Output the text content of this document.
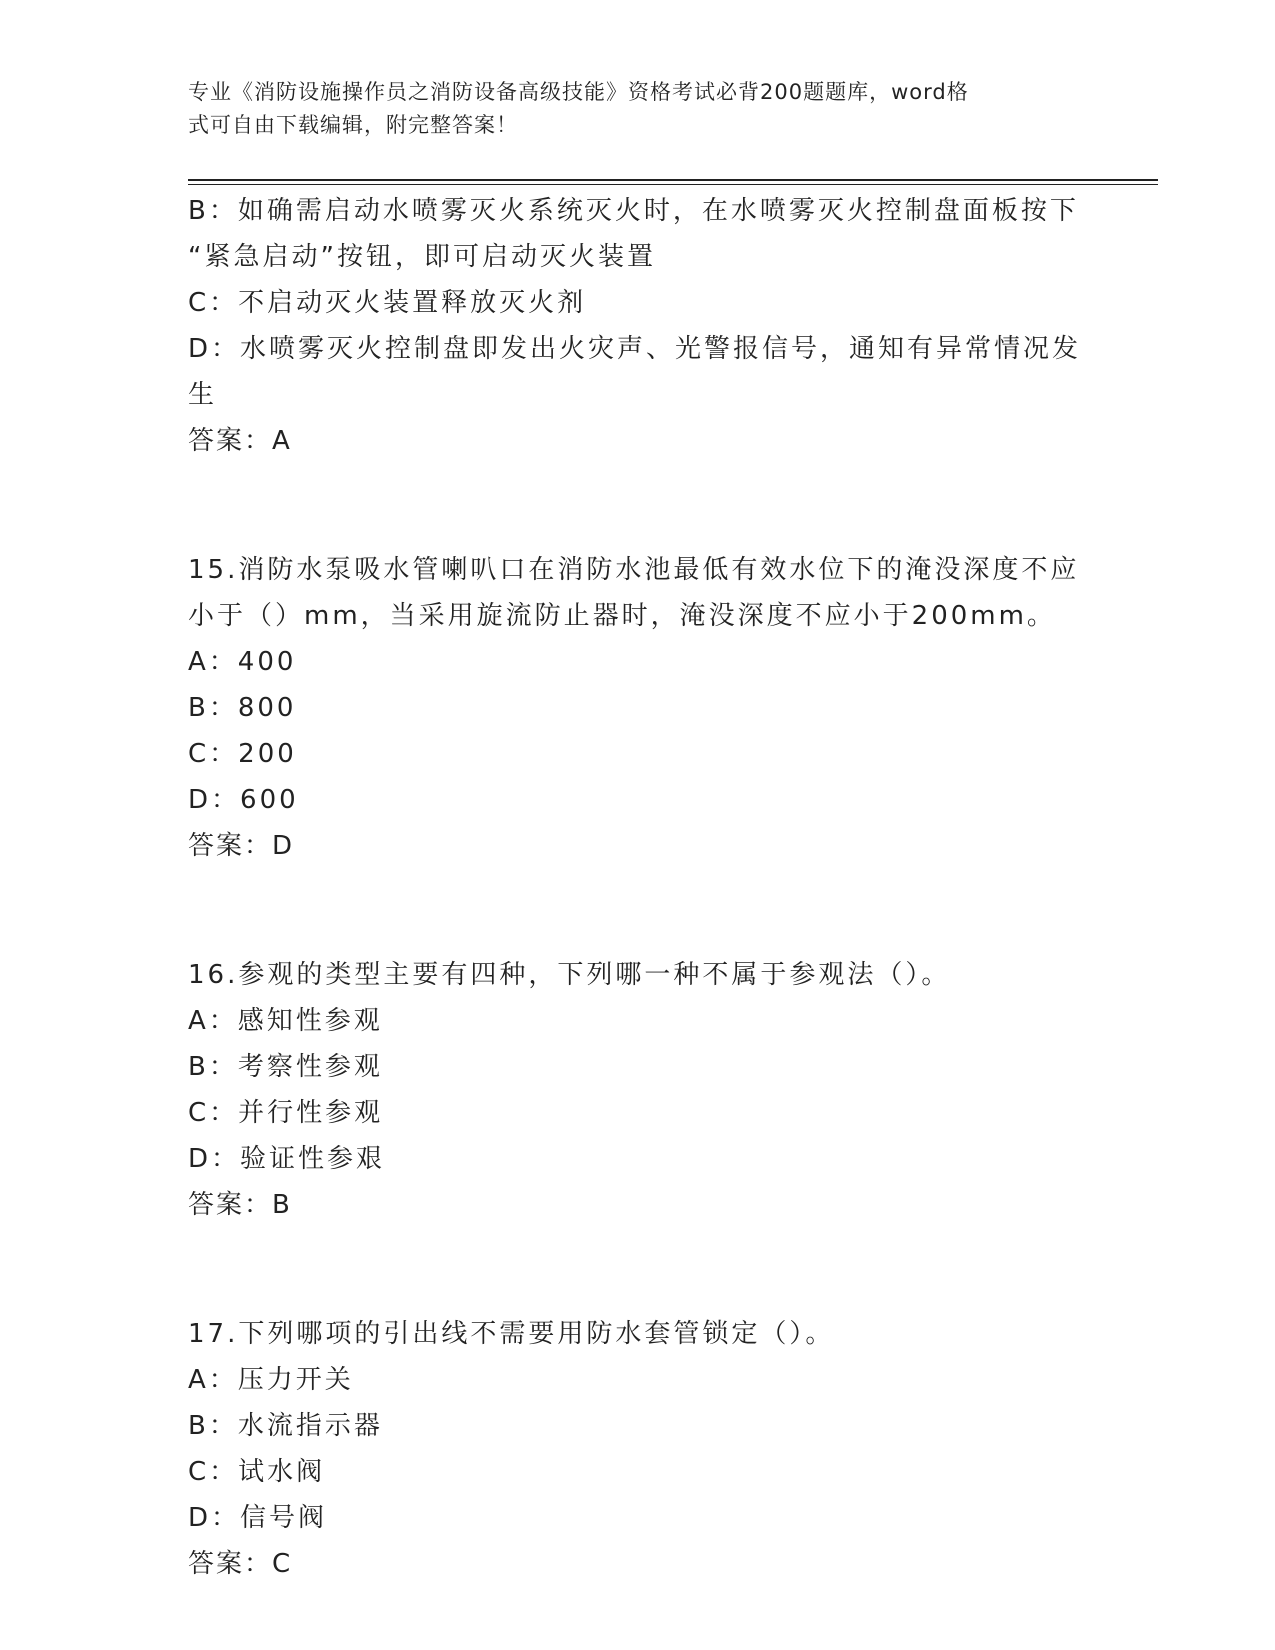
专业《消防设施操作员之消防设备高级技能》资格考试必背200题题库，word格
式可自由下载编辑，附完整答案！
B：如确需启动水喷雾灭火系统灭火时，在水喷雾灭火控制盘面板按下
“紧急启动”按钮，即可启动灭火装置
C：不启动灭火装置释放灭火剂
D：水喷雾灭火控制盘即发出火灾声、光警报信号，通知有异常情况发
生
答案：A
15.消防水泵吸水管喇叭口在消防水池最低有效水位下的淹没深度不应
小于（）mm，当采用旋流防止器时，淹没深度不应小于200mm。
A：400
B：800
C：200
D：600
答案：D
16.参观的类型主要有四种，下列哪一种不属于参观法（）。
A：感知性参观
B：考察性参观
C：并行性参观
D：验证性参艰
答案：B
17.下列哪项的引出线不需要用防水套管锁定（）。
A：压力开关
B：水流指示器
C：试水阀
D：信号阀
答案：C
